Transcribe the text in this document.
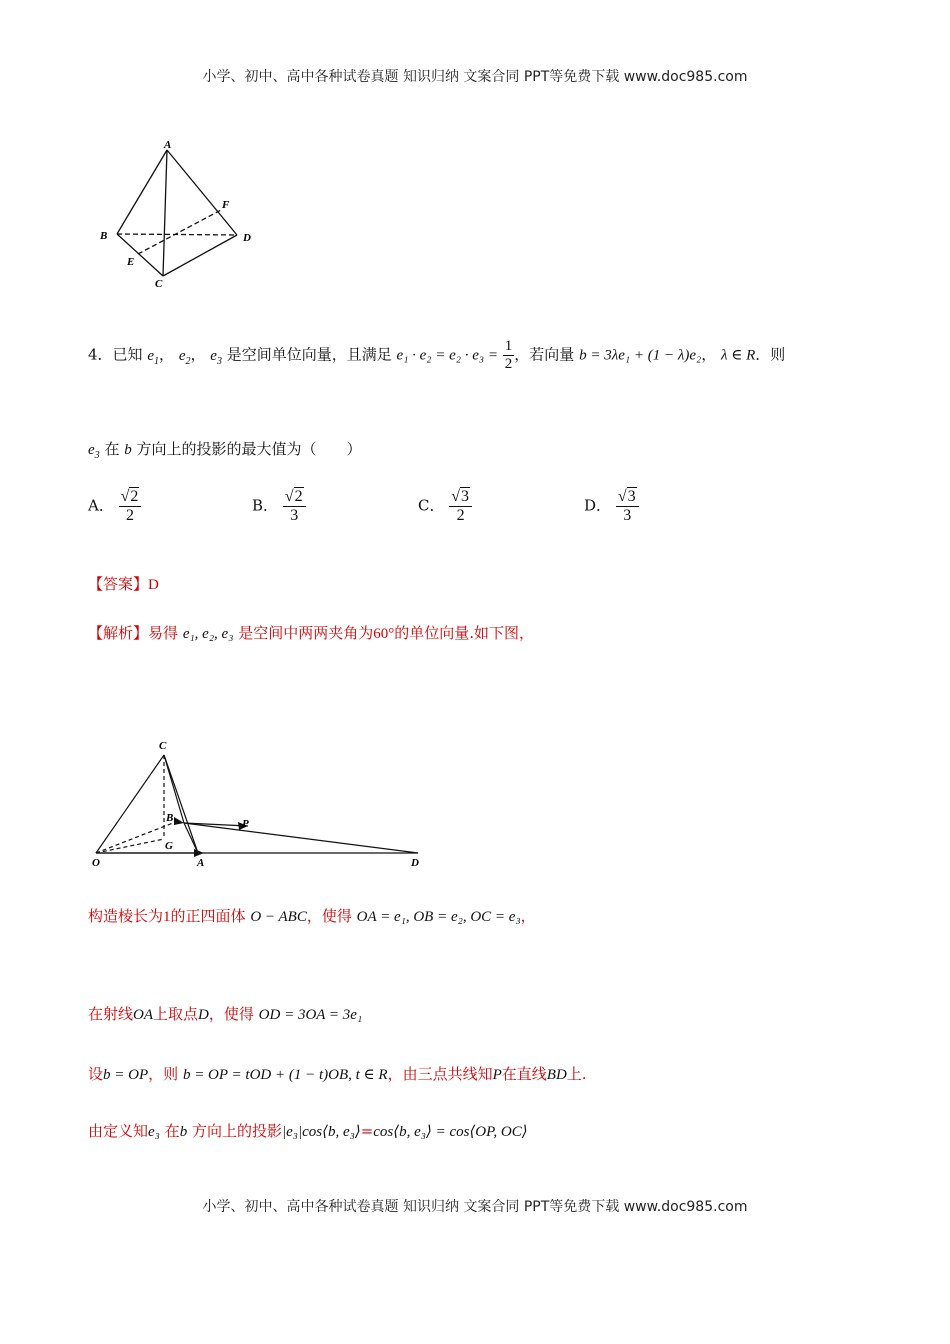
小学、初中、高中各种试卷真题 知识归纳 文案合同 PPT等免费下载 www.doc985.com
小学、初中、高中各种试卷真题 知识归纳 文案合同 PPT等免费下载 www.doc985.com
A
B
C
D
E
F
4．已知 $e_1$， $e_2$， $e_3$ 是空间单位向量，且满足 $e_1 \cdot e_2 = e_2 \cdot e_3 = \frac{1}{2}$ ，若向量 b = 3λe₁ + (1 − λ)e₂， λ ∈ R．则
$e_3$ 在 b 方向上的投影的最大值为（　　）
A． $\frac{√2}{2}$	B． $\frac{√2}{3}$	C． $\frac{√3}{2}$	D． $\frac{√3}{3}$
【答案】D
【解析】易得 e₁, e₂, e₃ 是空间中两两夹角为60°的单位向量.如下图，
C
B	P
G
O	A	D
构造棱长为1的正四面体 O − ABC，使得 OA = e₁, OB = e₂, OC = e₃，
在射线OA上取点D，使得 OD = 3OA = 3e₁
设b = OP，则 b = OP = tOD + (1 − t)OB, t ∈ R，由三点共线知P在直线BD上.
由定义知e₃ 在b 方向上的投影|e₃|cos⟨b, e₃⟩=cos⟨b, e₃⟩ = cos⟨OP, OC⟩
